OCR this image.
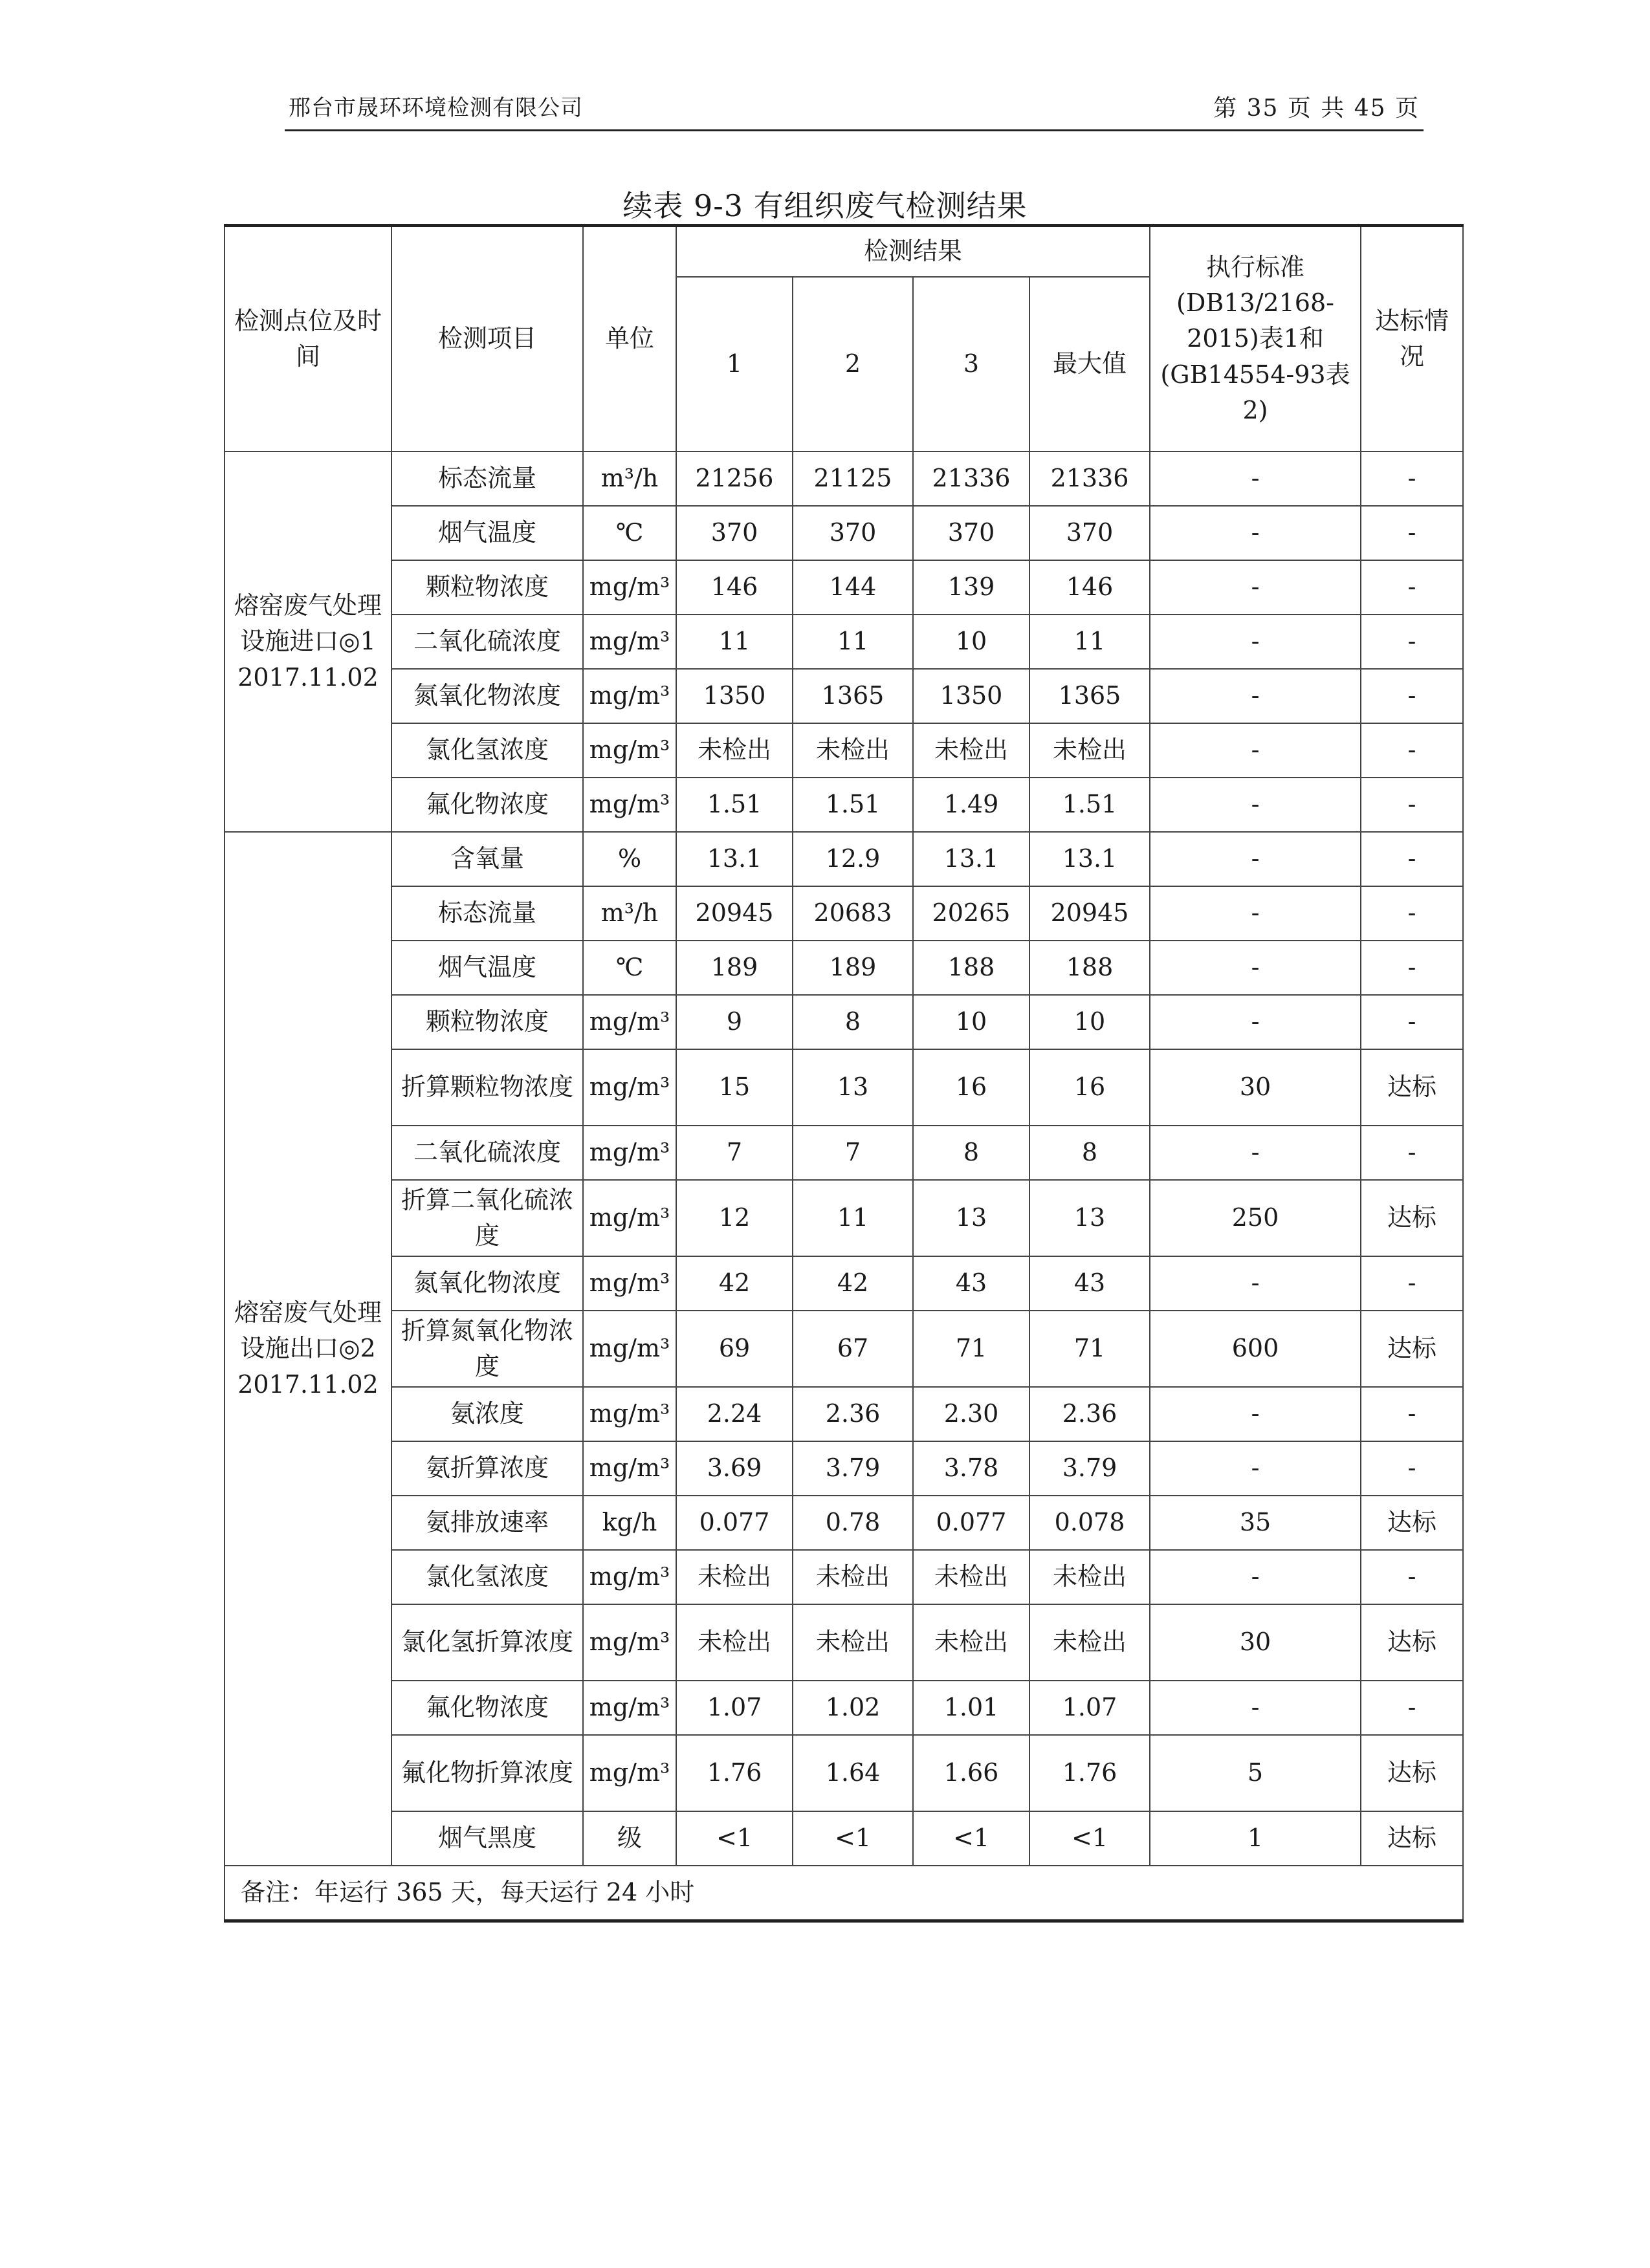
邢台市晟环环境检测有限公司	第 35 页 共 45 页
续表 9-3 有组织废气检测结果
检测点位及时间	检测项目	单位	检测结果				执行标准(DB13/2168-2015)表1和(GB14554-93表2)	达标情况
			1	2	3	最大值		
熔窑废气处理设施进口◎1 2017.11.02	标态流量	m³/h	21256	21125	21336	21336	-	-
	烟气温度	℃	370	370	370	370	-	-
	颗粒物浓度	mg/m³	146	144	139	146	-	-
	二氧化硫浓度	mg/m³	11	11	10	11	-	-
	氮氧化物浓度	mg/m³	1350	1365	1350	1365	-	-
	氯化氢浓度	mg/m³	未检出	未检出	未检出	未检出	-	-
	氟化物浓度	mg/m³	1.51	1.51	1.49	1.51	-	-
熔窑废气处理设施出口◎2 2017.11.02	含氧量	%	13.1	12.9	13.1	13.1	-	-
	标态流量	m³/h	20945	20683	20265	20945	-	-
	烟气温度	℃	189	189	188	188	-	-
	颗粒物浓度	mg/m³	9	8	10	10	-	-
	折算颗粒物浓度	mg/m³	15	13	16	16	30	达标
	二氧化硫浓度	mg/m³	7	7	8	8	-	-
	折算二氧化硫浓度	mg/m³	12	11	13	13	250	达标
	氮氧化物浓度	mg/m³	42	42	43	43	-	-
	折算氮氧化物浓度	mg/m³	69	67	71	71	600	达标
	氨浓度	mg/m³	2.24	2.36	2.30	2.36	-	-
	氨折算浓度	mg/m³	3.69	3.79	3.78	3.79	-	-
	氨排放速率	kg/h	0.077	0.78	0.077	0.078	35	达标
	氯化氢浓度	mg/m³	未检出	未检出	未检出	未检出	-	-
	氯化氢折算浓度	mg/m³	未检出	未检出	未检出	未检出	30	达标
	氟化物浓度	mg/m³	1.07	1.02	1.01	1.07	-	-
	氟化物折算浓度	mg/m³	1.76	1.64	1.66	1.76	5	达标
	烟气黑度	级	<1	<1	<1	<1	1	达标
备注：年运行 365 天，每天运行 24 小时								
